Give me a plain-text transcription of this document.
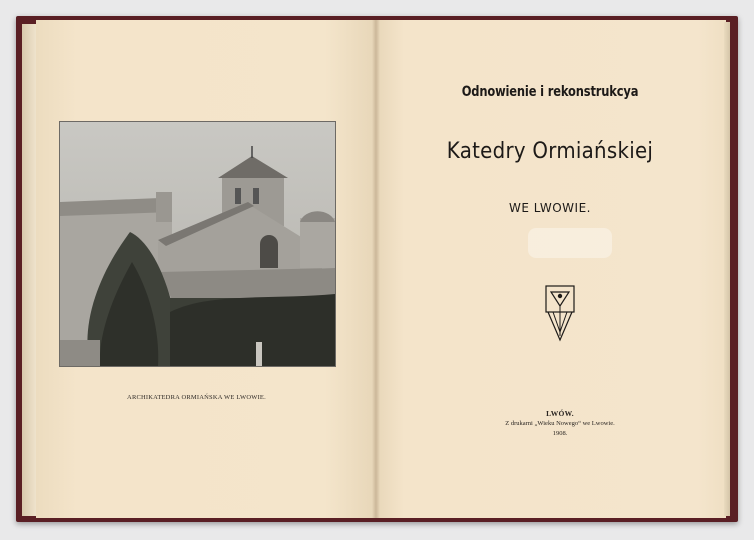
ARCHIKATEDRA ORMIAŃSKA WE LWOWIE.
Odnowienie i rekonstrukcya
Katedry Ormiańskiej
WE LWOWIE.
LWÓW.
Z drukarni „Wieku Nowego“ we Lwowie.
1908.
